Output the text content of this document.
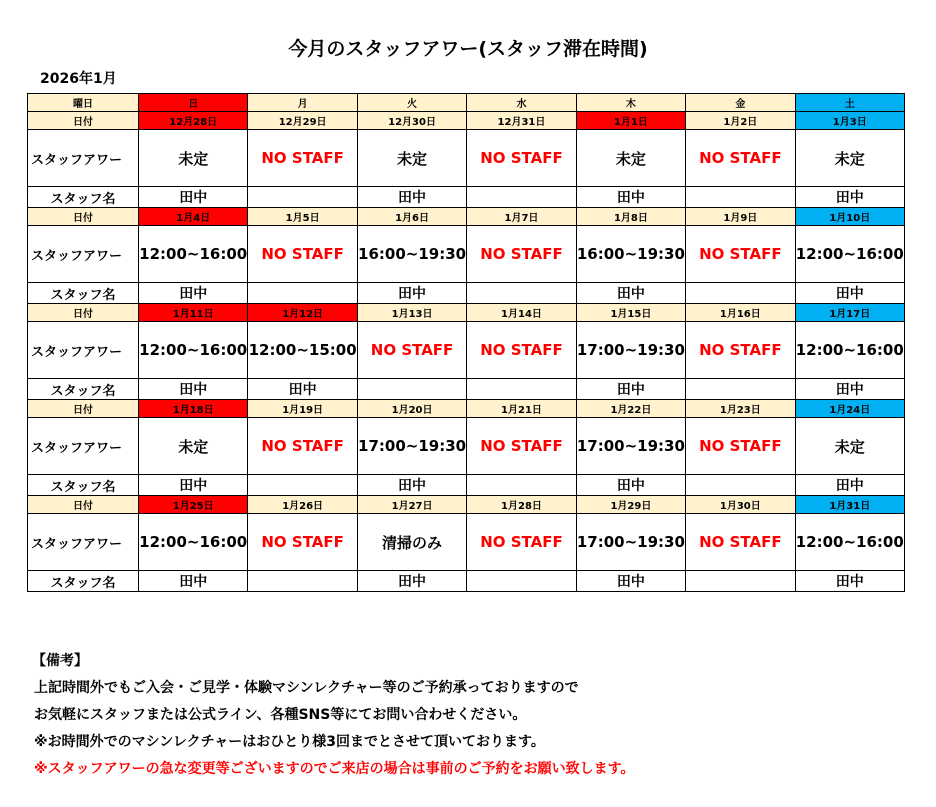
今月のスタッフアワー(スタッフ滞在時間)
2026年1月
曜日	日	月	火	水	木	金	土
日付	12月28日	12月29日	12月30日	12月31日	1月1日	1月2日	1月3日
スタッフアワー	未定	NO STAFF	未定	NO STAFF	未定	NO STAFF	未定
スタッフ名	田中		田中		田中		田中
日付	1月4日	1月5日	1月6日	1月7日	1月8日	1月9日	1月10日
スタッフアワー	12:00~16:00	NO STAFF	16:00~19:30	NO STAFF	16:00~19:30	NO STAFF	12:00~16:00
スタッフ名	田中		田中		田中		田中
日付	1月11日	1月12日	1月13日	1月14日	1月15日	1月16日	1月17日
スタッフアワー	12:00~16:00	12:00~15:00	NO STAFF	NO STAFF	17:00~19:30	NO STAFF	12:00~16:00
スタッフ名	田中	田中			田中		田中
日付	1月18日	1月19日	1月20日	1月21日	1月22日	1月23日	1月24日
スタッフアワー	未定	NO STAFF	17:00~19:30	NO STAFF	17:00~19:30	NO STAFF	未定
スタッフ名	田中		田中		田中		田中
日付	1月25日	1月26日	1月27日	1月28日	1月29日	1月30日	1月31日
スタッフアワー	12:00~16:00	NO STAFF	清掃のみ	NO STAFF	17:00~19:30	NO STAFF	12:00~16:00
スタッフ名	田中		田中		田中		田中
【備考】
上記時間外でもご入会・ご見学・体験マシンレクチャー等のご予約承っておりますので
お気軽にスタッフまたは公式ライン、各種SNS等にてお問い合わせください。
※お時間外でのマシンレクチャーはおひとり様3回までとさせて頂いております。
※スタッフアワーの急な変更等ございますのでご来店の場合は事前のご予約をお願い致します。
